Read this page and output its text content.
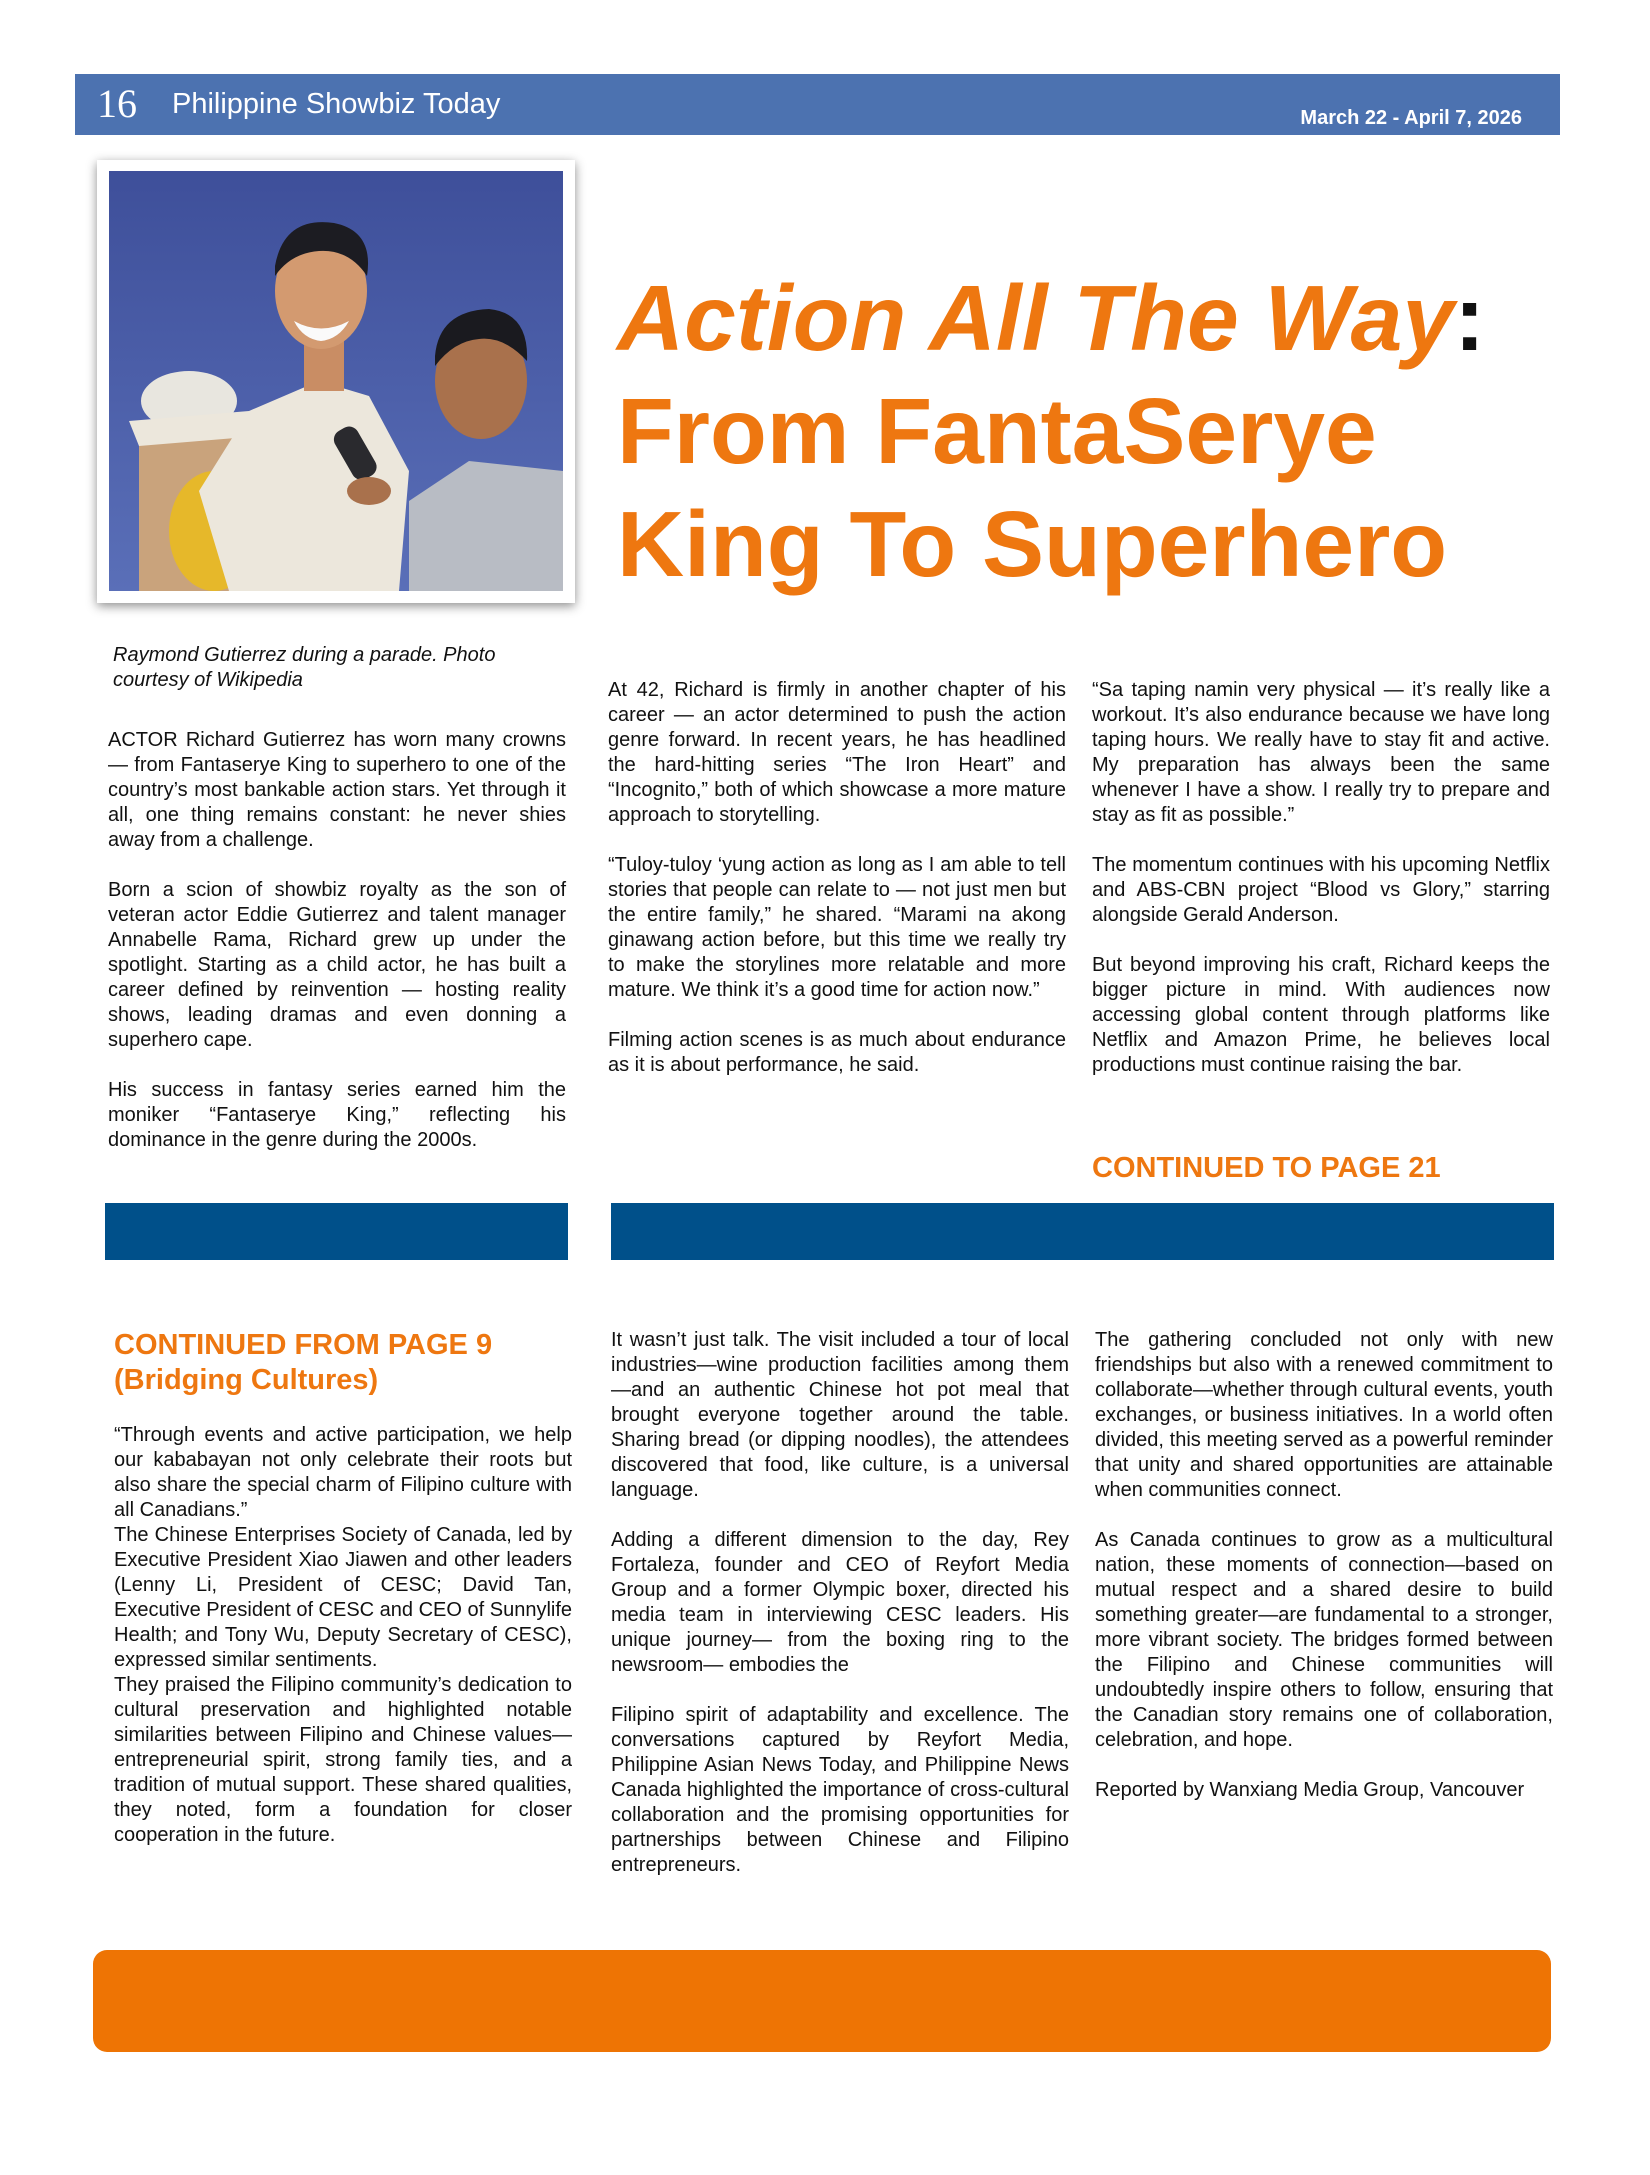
16 Philippine Showbiz Today	March 22 - April 7, 2026
Action All The Way:
From FantaSerye King To Superhero
Raymond Gutierrez during a parade. Photo courtesy of Wikipedia

ACTOR Richard Gutierrez has worn many crowns — from Fantaserye King to superhero to one of the country’s most bankable action stars. Yet through it all, one thing remains constant: he never shies away from a challenge.

Born a scion of showbiz royalty as the son of veteran actor Eddie Gutierrez and talent manager Annabelle Rama, Richard grew up under the spotlight. Starting as a child actor, he has built a career defined by reinvention — hosting reality shows, leading dramas and even donning a superhero cape.

His success in fantasy series earned him the moniker “Fantaserye King,” reflecting his dominance in the genre during the 2000s.

At 42, Richard is firmly in another chapter of his career — an actor determined to push the action genre forward. In recent years, he has headlined the hard-hitting series “The Iron Heart” and “Incognito,” both of which showcase a more mature approach to storytelling.

“Tuloy-tuloy ‘yung action as long as I am able to tell stories that people can relate to — not just men but the entire family,” he shared. “Marami na akong ginawang action before, but this time we really try to make the storylines more relatable and more mature. We think it’s a good time for action now.”

Filming action scenes is as much about endurance as it is about performance, he said.

“Sa taping namin very physical — it’s really like a workout. It’s also endurance because we have long taping hours. We really have to stay fit and active. My preparation has always been the same whenever I have a show. I really try to prepare and stay as fit as possible.”

The momentum continues with his upcoming Netflix and ABS-CBN project “Blood vs Glory,” starring alongside Gerald Anderson.

But beyond improving his craft, Richard keeps the bigger picture in mind. With audiences now accessing global content through platforms like Netflix and Amazon Prime, he believes local productions must continue raising the bar.

CONTINUED TO PAGE 21
CONTINUED FROM PAGE 9
(Bridging Cultures)

“Through events and active participation, we help our kababayan not only celebrate their roots but also share the special charm of Filipino culture with all Canadians.”

The Chinese Enterprises Society of Canada, led by Executive President Xiao Jiawen and other leaders (Lenny Li, President of CESC; David Tan, Executive President of CESC and CEO of Sunnylife Health; and Tony Wu, Deputy Secretary of CESC), expressed similar sentiments.

They praised the Filipino community’s dedication to cultural preservation and highlighted notable similarities between Filipino and Chinese values—entrepreneurial spirit, strong family ties, and a tradition of mutual support. These shared qualities, they noted, form a foundation for closer cooperation in the future.

It wasn’t just talk. The visit included a tour of local industries—wine production facilities among them—and an authentic Chinese hot pot meal that brought everyone together around the table. Sharing bread (or dipping noodles), the attendees discovered that food, like culture, is a universal language.

Adding a different dimension to the day, Rey Fortaleza, founder and CEO of Reyfort Media Group and a former Olympic boxer, directed his media team in interviewing CESC leaders. His unique journey— from the boxing ring to the newsroom— embodies the

Filipino spirit of adaptability and excellence. The conversations captured by Reyfort Media, Philippine Asian News Today, and Philippine News Canada highlighted the importance of cross-cultural collaboration and the promising opportunities for partnerships between Chinese and Filipino entrepreneurs.

The gathering concluded not only with new friendships but also with a renewed commitment to collaborate—whether through cultural events, youth exchanges, or business initiatives. In a world often divided, this meeting served as a powerful reminder that unity and shared opportunities are attainable when communities connect.

As Canada continues to grow as a multicultural nation, these moments of connection—based on mutual respect and a shared desire to build something greater—are fundamental to a stronger, more vibrant society. The bridges formed between the Filipino and Chinese communities will undoubtedly inspire others to follow, ensuring that the Canadian story remains one of collaboration, celebration, and hope.

Reported by Wanxiang Media Group, Vancouver
